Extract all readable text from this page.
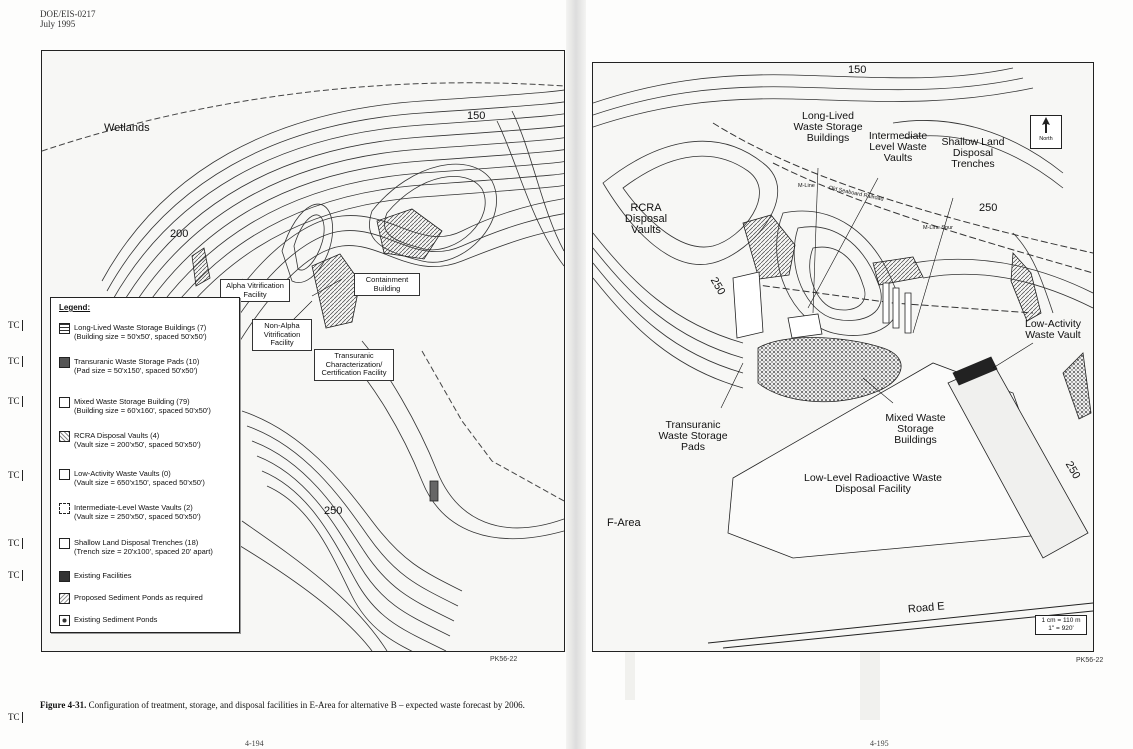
DOE/EIS-0217
July 1995
Wetlands
200
150
250
Alpha Vitrification Facility
Containment Building
Non-Alpha Vitrification Facility
Transuranic Characterization/ Certification Facility
Legend:
Long-Lived Waste Storage Buildings (7)
(Building size = 50'x50', spaced 50'x50')
Transuranic Waste Storage Pads (10)
(Pad size = 50'x150', spaced 50'x50')
Mixed Waste Storage Building (79)
(Building size = 60'x160', spaced 50'x50')
RCRA Disposal Vaults (4)
(Vault size = 200'x50', spaced 50'x50')
Low-Activity Waste Vaults (0)
(Vault size = 650'x150', spaced 50'x50')
Intermediate-Level Waste Vaults (2)
(Vault size = 250'x50', spaced 50'x50')
Shallow Land Disposal Trenches (18)
(Trench size = 20'x100', spaced 20' apart)
Existing Facilities
Proposed Sediment Ponds as required
Existing Sediment Ponds
TC
TC
TC
TC
TC
TC
PK56-22
150
250
250
250
Long-Lived Waste Storage Buildings	Intermediate Level Waste Vaults
Shallow Land Disposal Trenches
RCRA Disposal Vaults
Low-Activity Waste Vault
Transuranic Waste Storage Pads
Mixed Waste Storage Buildings
Low-Level Radioactive Waste Disposal Facility
F-Area
Road E
M-Line Old Seaboard Railroad
M-Line Spur
North
1 cm = 110 m
1" = 920'
PK56-22
TC
Figure 4-31. Configuration of treatment, storage, and disposal facilities in E-Area for alternative B – expected waste forecast by 2006.
4-194	4-195
